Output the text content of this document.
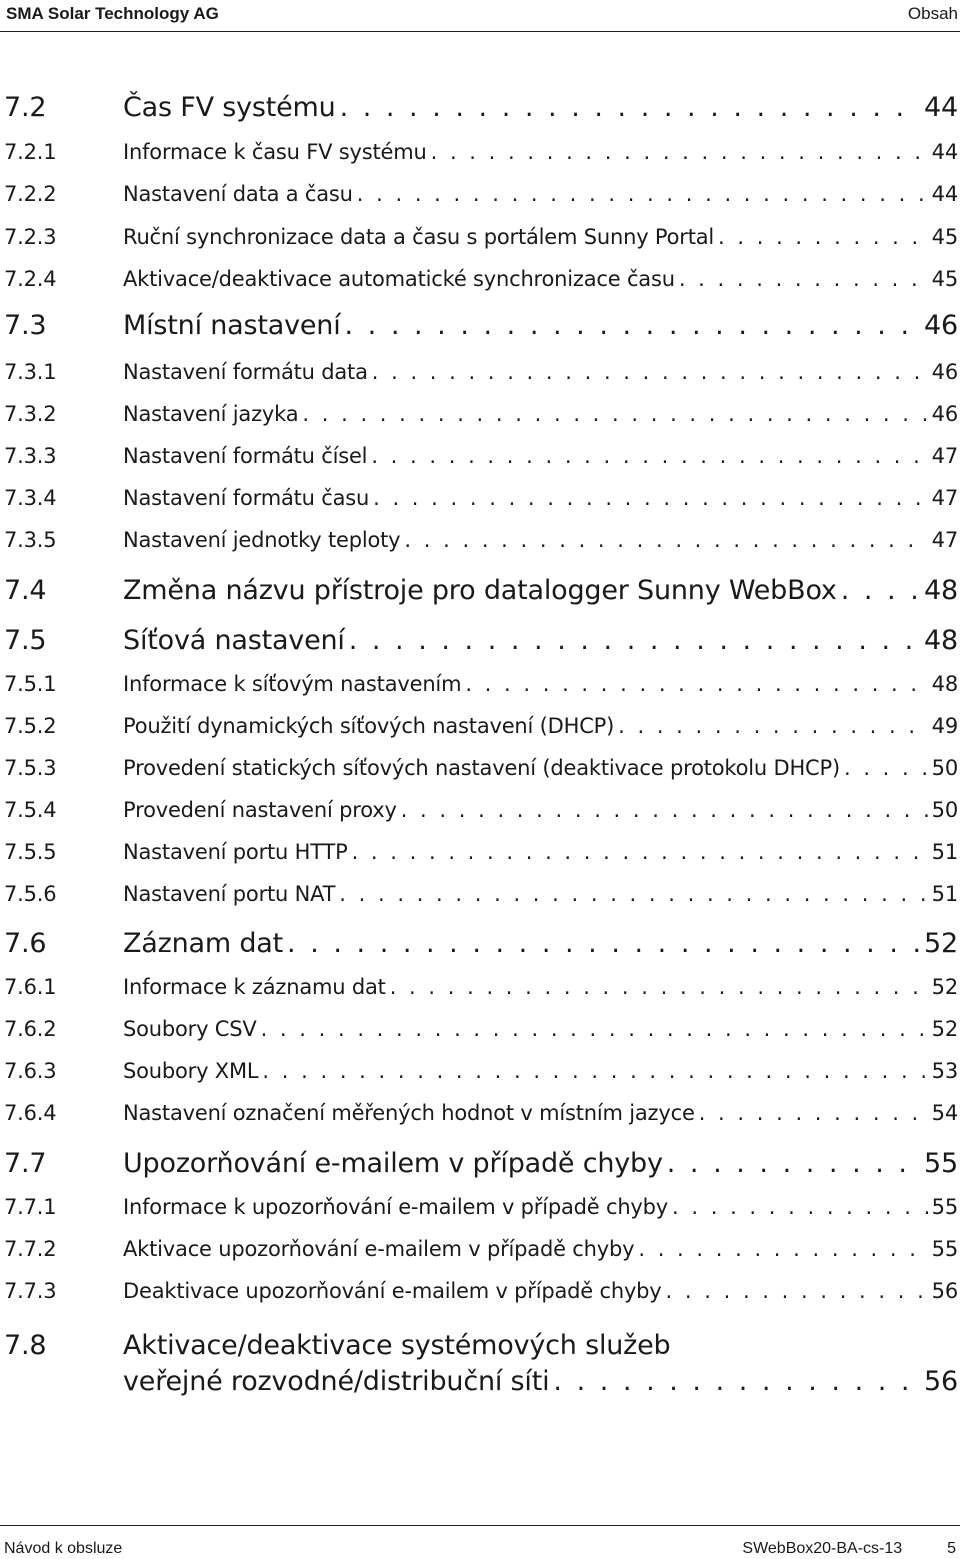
SMA Solar Technology AG	Obsah
7.2	Čas FV systému . . .	44
7.2.1	Informace k času FV systému . . .	44
7.2.2	Nastavení data a času . . .	44
7.2.3	Ruční synchronizace data a času s portálem Sunny Portal . . .	45
7.2.4	Aktivace/deaktivace automatické synchronizace času . . .	45
7.3	Místní nastavení . . .	46
7.3.1	Nastavení formátu data . . .	46
7.3.2	Nastavení jazyka . . .	46
7.3.3	Nastavení formátu čísel . . .	47
7.3.4	Nastavení formátu času . . .	47
7.3.5	Nastavení jednotky teploty . . .	47
7.4	Změna názvu přístroje pro datalogger Sunny WebBox . . .	48
7.5	Síťová nastavení . . .	48
7.5.1	Informace k síťovým nastavením . . .	48
7.5.2	Použití dynamických síťových nastavení (DHCP) . . .	49
7.5.3	Provedení statických síťových nastavení (deaktivace protokolu DHCP) . . .	50
7.5.4	Provedení nastavení proxy . . .	50
7.5.5	Nastavení portu HTTP . . .	51
7.5.6	Nastavení portu NAT . . .	51
7.6	Záznam dat . . .	52
7.6.1	Informace k záznamu dat . . .	52
7.6.2	Soubory CSV . . .	52
7.6.3	Soubory XML . . .	53
7.6.4	Nastavení označení měřených hodnot v místním jazyce . . .	54
7.7	Upozorňování e-mailem v případě chyby . . .	55
7.7.1	Informace k upozorňování e-mailem v případě chyby . . .	55
7.7.2	Aktivace upozorňování e-mailem v případě chyby . . .	55
7.7.3	Deaktivace upozorňování e-mailem v případě chyby . . .	56
7.8	Aktivace/deaktivace systémových služeb
veřejné rozvodné/distribuční síti . . .	56
Návod k obsluze	SWebBox20-BA-cs-13	5
